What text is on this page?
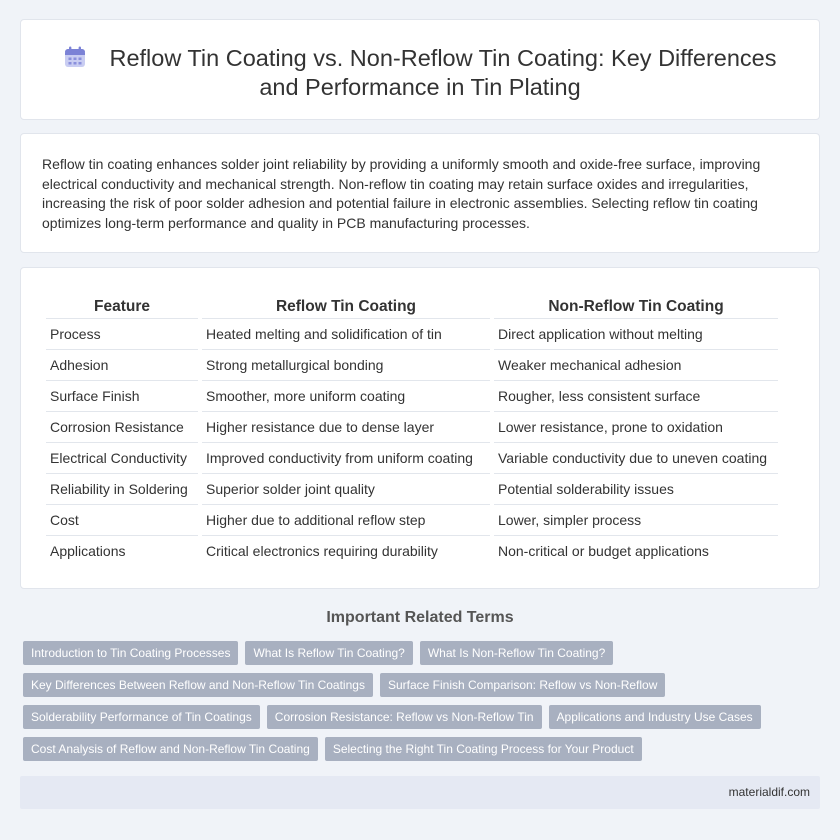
Reflow Tin Coating vs. Non-Reflow Tin Coating: Key Differences and Performance in Tin Plating

Reflow tin coating enhances solder joint reliability by providing a uniformly smooth and oxide-free surface, improving electrical conductivity and mechanical strength. Non-reflow tin coating may retain surface oxides and irregularities, increasing the risk of poor solder adhesion and potential failure in electronic assemblies. Selecting reflow tin coating optimizes long-term performance and quality in PCB manufacturing processes.

Feature	Reflow Tin Coating	Non-Reflow Tin Coating
Process	Heated melting and solidification of tin	Direct application without melting
Adhesion	Strong metallurgical bonding	Weaker mechanical adhesion
Surface Finish	Smoother, more uniform coating	Rougher, less consistent surface
Corrosion Resistance	Higher resistance due to dense layer	Lower resistance, prone to oxidation
Electrical Conductivity	Improved conductivity from uniform coating	Variable conductivity due to uneven coating
Reliability in Soldering	Superior solder joint quality	Potential solderability issues
Cost	Higher due to additional reflow step	Lower, simpler process
Applications	Critical electronics requiring durability	Non-critical or budget applications
Important Related Terms
Introduction to Tin Coating Processes	What Is Reflow Tin Coating?	What Is Non-Reflow Tin Coating?
Key Differences Between Reflow and Non-Reflow Tin Coatings	Surface Finish Comparison: Reflow vs Non-Reflow
Solderability Performance of Tin Coatings	Corrosion Resistance: Reflow vs Non-Reflow Tin	Applications and Industry Use Cases
Cost Analysis of Reflow and Non-Reflow Tin Coating	Selecting the Right Tin Coating Process for Your Product
materialdif.com
